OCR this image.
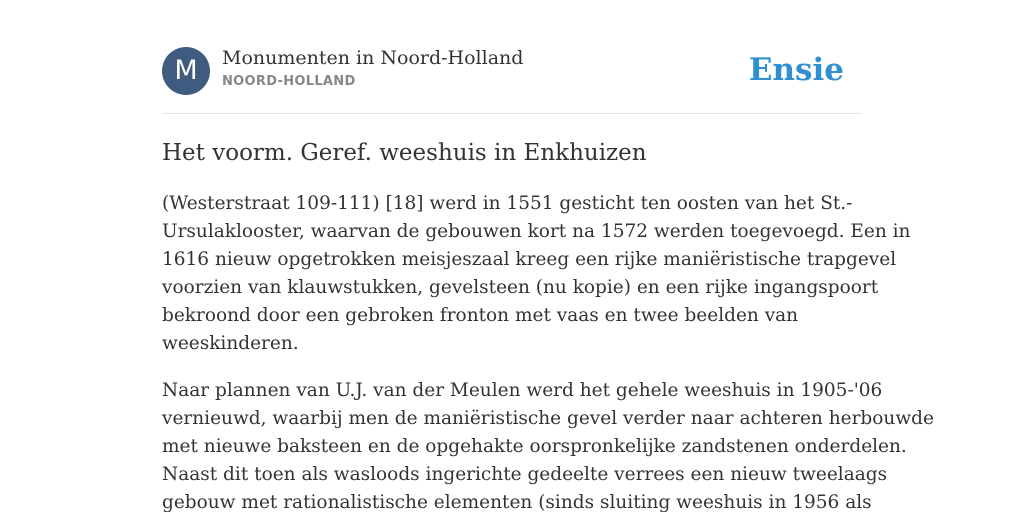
M	Monumenten in Noord-Holland
NOORD-HOLLAND	Ensie
Het voorm. Geref. weeshuis in Enkhuizen

(Westerstraat 109-111) [18] werd in 1551 gesticht ten oosten van het St.-
Ursulaklooster, waarvan de gebouwen kort na 1572 werden toegevoegd. Een in
1616 nieuw opgetrokken meisjeszaal kreeg een rijke maniëristische trapgevel
voorzien van klauwstukken, gevelsteen (nu kopie) en een rijke ingangspoort
bekroond door een gebroken fronton met vaas en twee beelden van
weeskinderen.

Naar plannen van U.J. van der Meulen werd het gehele weeshuis in 1905-'06
vernieuwd, waarbij men de maniëristische gevel verder naar achteren herbouwde
met nieuwe baksteen en de opgehakte oorspronkelijke zandstenen onderdelen.
Naast dit toen als wasloods ingerichte gedeelte verrees een nieuw tweelaags
gebouw met rationalistische elementen (sinds sluiting weeshuis in 1956 als
